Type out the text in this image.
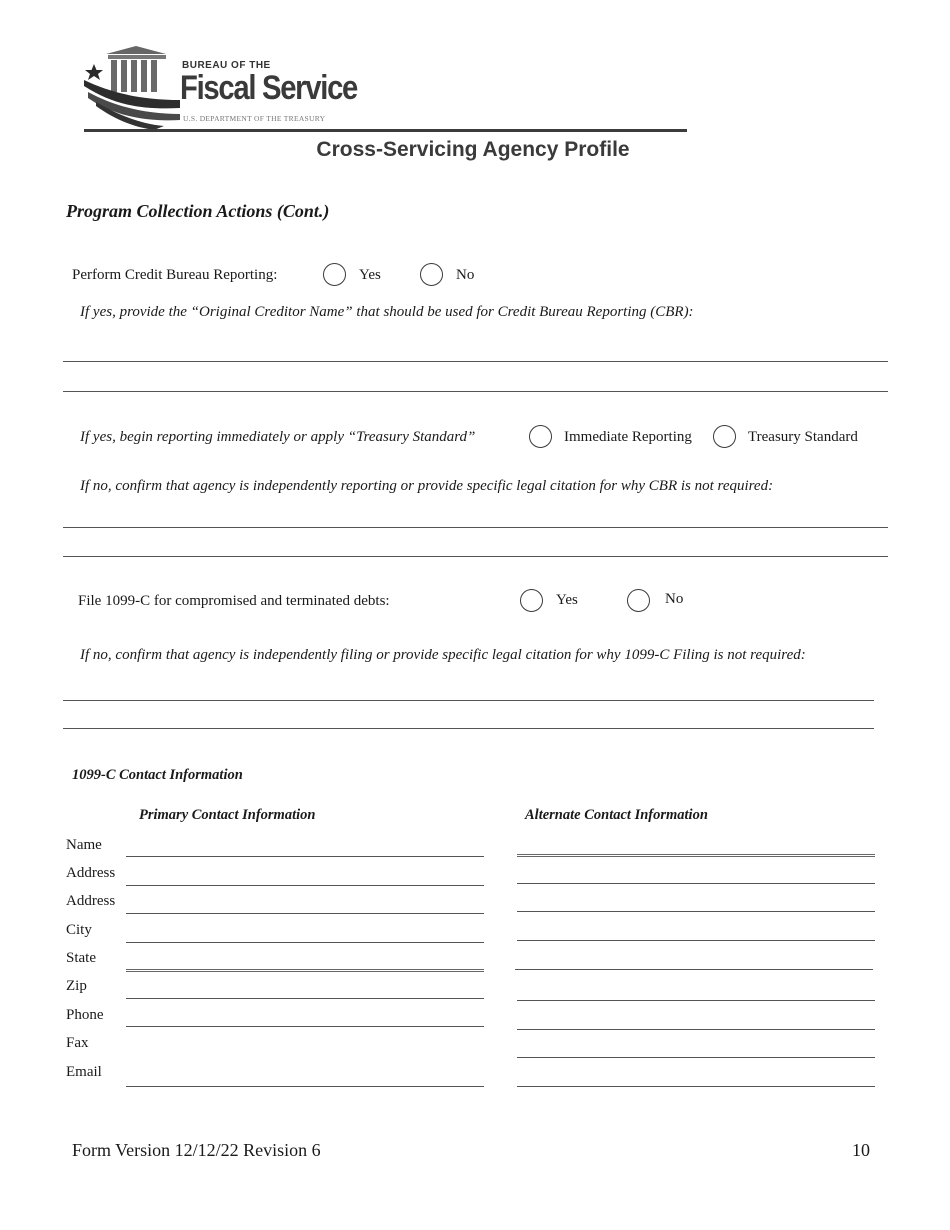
BUREAU OF THE
Fiscal Service
U.S. DEPARTMENT OF THE TREASURY
Cross-Servicing Agency Profile
Program Collection Actions (Cont.)
Perform Credit Bureau Reporting:	Yes	No
If yes, provide the “Original Creditor Name” that should be used for Credit Bureau Reporting (CBR):
If yes, begin reporting immediately or apply “Treasury Standard”	Immediate Reporting	Treasury Standard
If no, confirm that agency is independently reporting or provide specific legal citation for why CBR is not required:
File 1099-C for compromised and terminated debts:	Yes	No
If no, confirm that agency is independently filing or provide specific legal citation for why 1099-C Filing is not required:
1099-C Contact Information
Primary Contact Information	Alternate Contact Information
Name
Address
Address
City
State
Zip
Phone
Fax
Email
Form Version 12/12/22 Revision 6	10
